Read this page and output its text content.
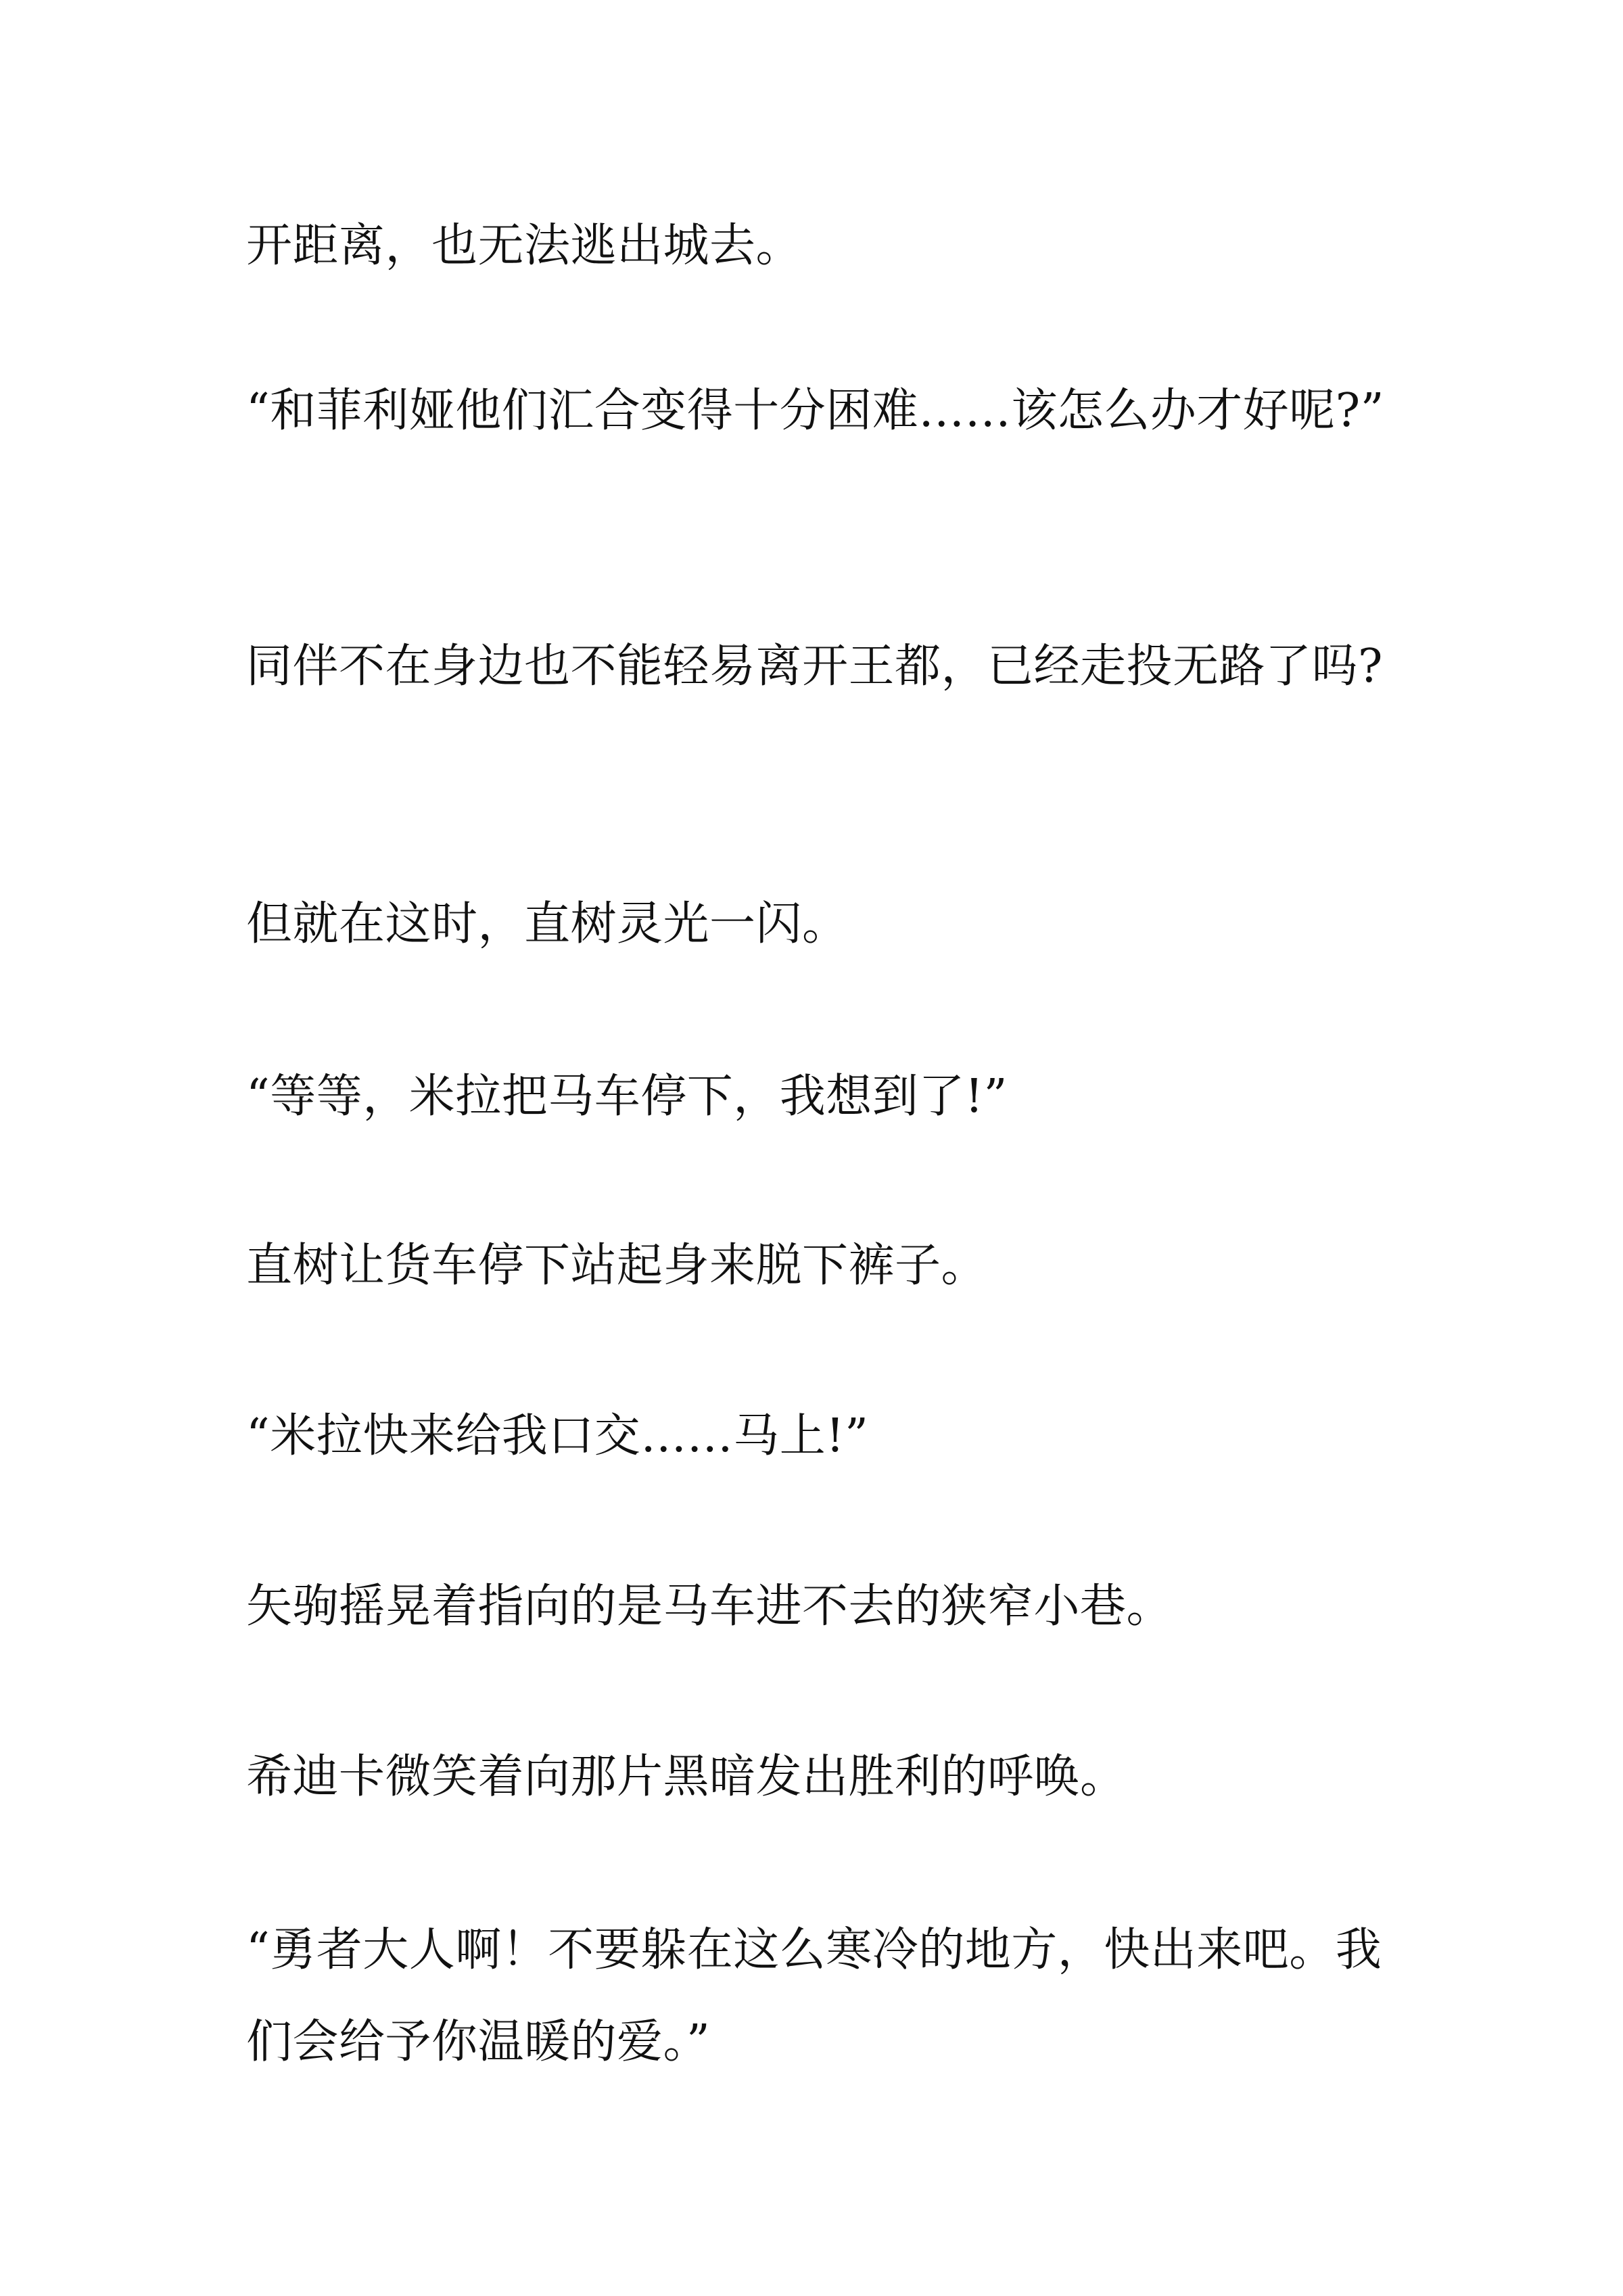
开距离，也无法逃出城去。

“和菲利娅他们汇合变得十分困难……该怎么办才好呢?”

同伴不在身边也不能轻易离开王都，已经走投无路了吗?

但就在这时，直树灵光一闪。

“等等，米拉把马车停下，我想到了!”

直树让货车停下站起身来脱下裤子。

“米拉快来给我口交……马上!”

矢驹摇晃着指向的是马车进不去的狭窄小巷。

希迪卡微笑着向那片黑暗发出胜利的呼唤。

“勇者大人啊！不要躲在这么寒冷的地方，快出来吧。我们会给予你温暖的爱。”
